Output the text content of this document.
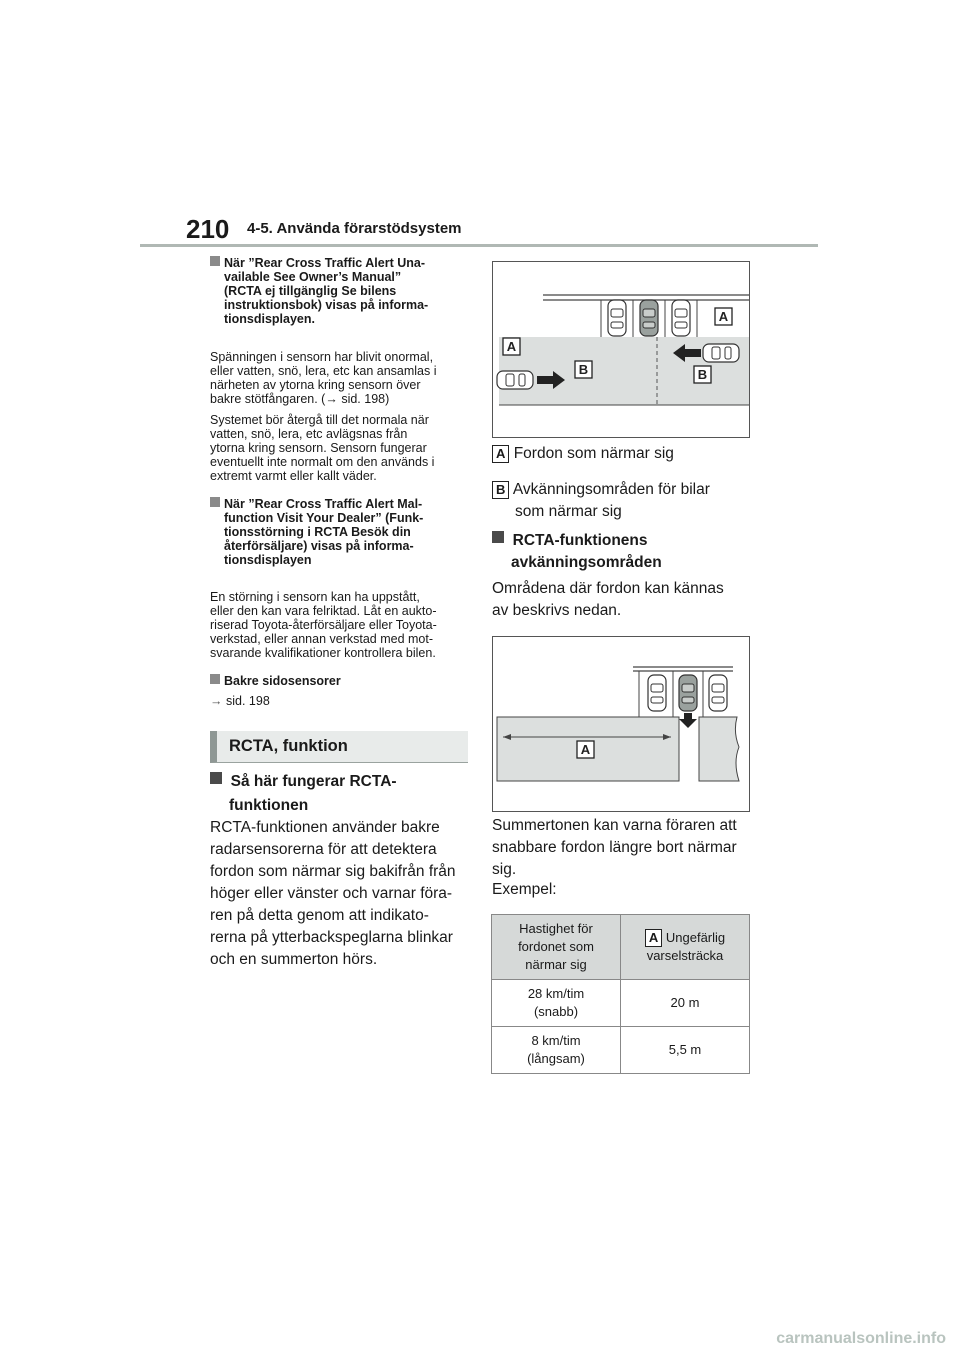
210 4-5. Använda förarstödsystem

När ”Rear Cross Traffic Alert Una-
vailable See Owner’s Manual”
(RCTA ej tillgänglig Se bilens
instruktionsbok) visas på informa-
tionsdisplayen.

Spänningen i sensorn har blivit onormal,
eller vatten, snö, lera, etc kan ansamlas i
närheten av ytorna kring sensorn över
bakre stötfångaren. (→ sid. 198)

Systemet bör återgå till det normala när
vatten, snö, lera, etc avlägsnas från
ytorna kring sensorn. Sensorn fungerar
eventuellt inte normalt om den används i
extremt varmt eller kallt väder.

När ”Rear Cross Traffic Alert Mal-
function Visit Your Dealer” (Funk-
tionsstörning i RCTA Besök din
återförsäljare) visas på informa-
tionsdisplayen

En störning i sensorn kan ha uppstått,
eller den kan vara felriktad. Låt en aukto-
riserad Toyota-återförsäljare eller Toyota-
verkstad, eller annan verkstad med mot-
svarande kvalifikationer kontrollera bilen.

Bakre sidosensorer

→ sid. 198
RCTA, funktion
Så här fungerar RCTA-
funktionen
RCTA-funktionen använder bakre
radarsensorerna för att detektera
fordon som närmar sig bakifrån från
höger eller vänster och varnar föra-
ren på detta genom att indikato-
rerna på ytterbackspeglarna blinkar
och en summerton hörs.
A
B
A
B
A Fordon som närmar sig
B Avkänningsområden för bilar
som närmar sig
RCTA-funktionens
avkänningsområden
Områdena där fordon kan kännas
av beskrivs nedan.
A
Summertonen kan varna föraren att
snabbare fordon längre bort närmar
sig.
Exempel:
Hastighet för
fordonet som
närmar sig	A Ungefärlig
varselsträcka
28 km/tim
(snabb)	20 m
8 km/tim
(långsam)	5,5 m
carmanualsonline.info
